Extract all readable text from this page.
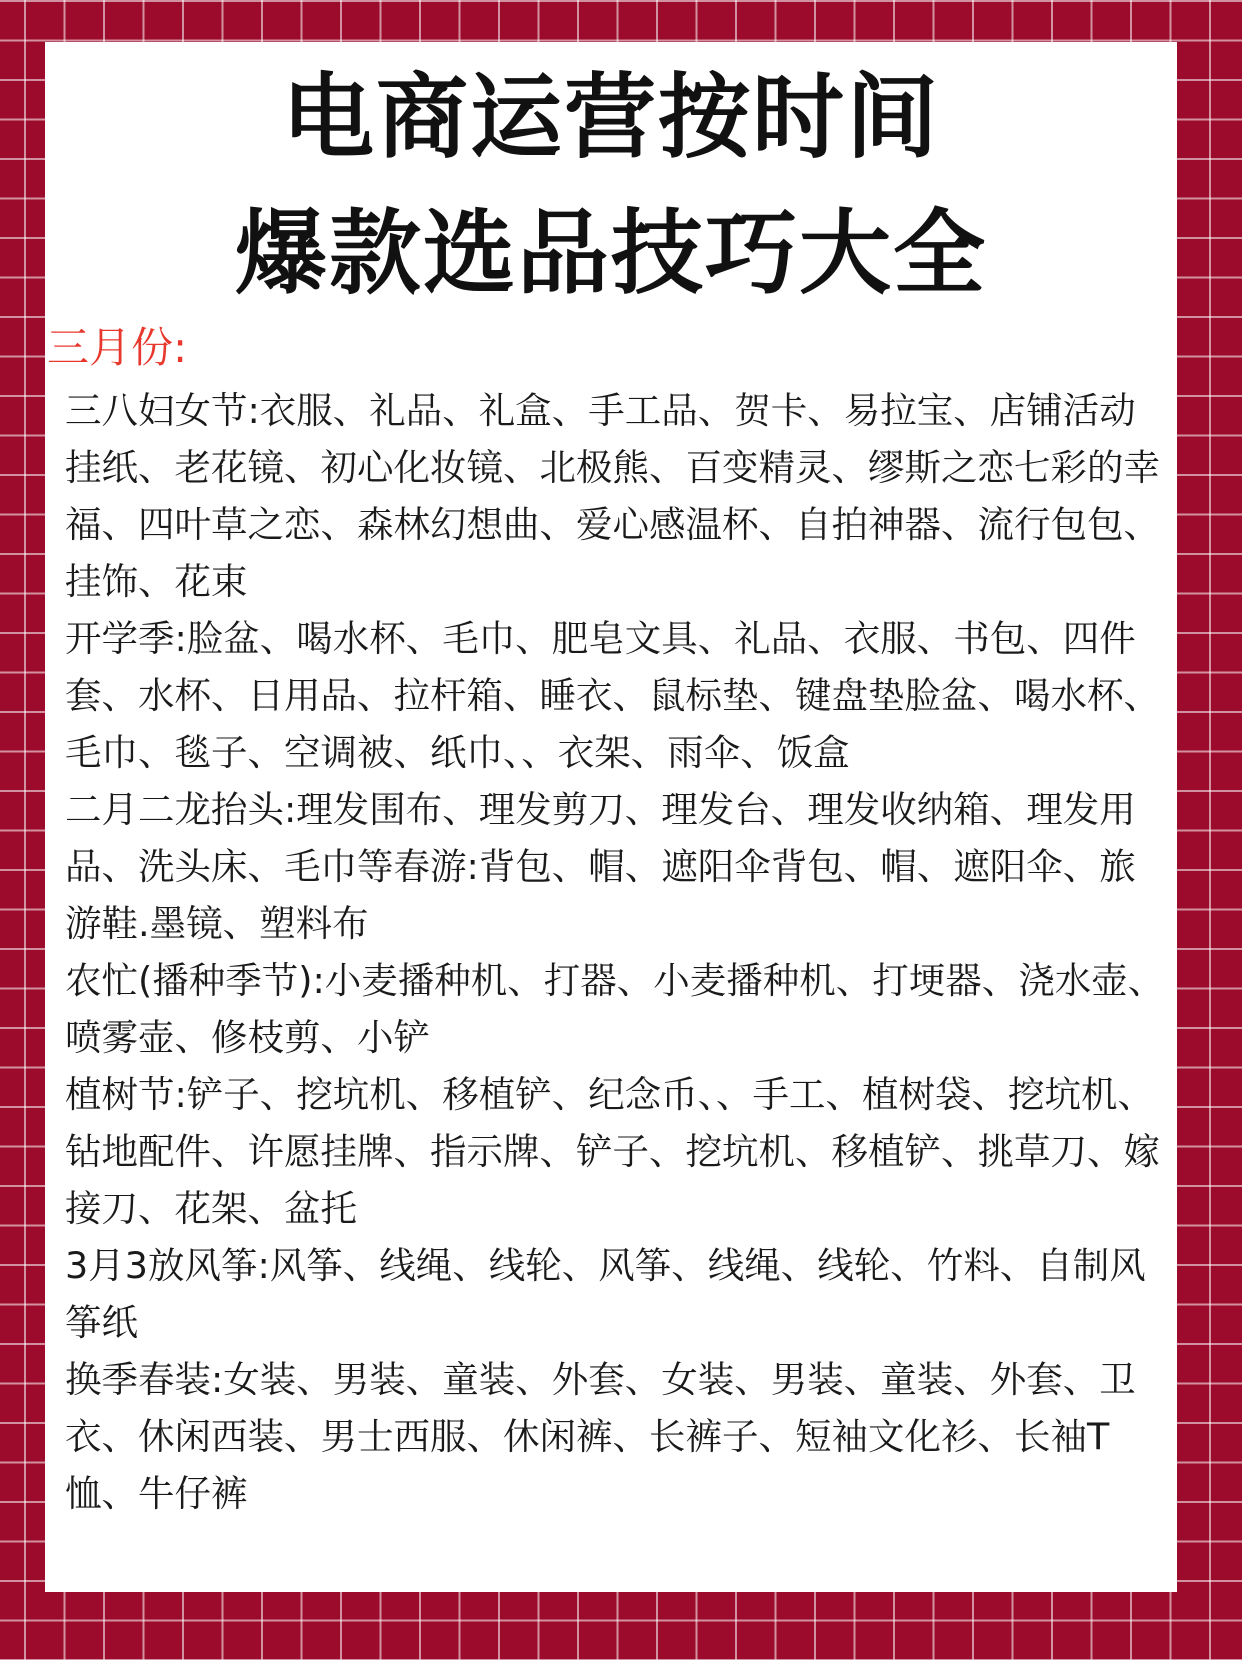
电商运营按时间
爆款选品技巧大全
三月份:
三八妇女节:衣服、礼品、礼盒、手工品、贺卡、易拉宝、店铺活动挂纸、老花镜、初心化妆镜、北极熊、百变精灵、缪斯之恋七彩的幸福、四叶草之恋、森林幻想曲、爱心感温杯、自拍神器、流行包包、挂饰、花束
开学季:脸盆、喝水杯、毛巾、肥皂文具、礼品、衣服、书包、四件套、水杯、日用品、拉杆箱、睡衣、鼠标垫、键盘垫脸盆、喝水杯、毛巾、毯子、空调被、纸巾、、衣架、雨伞、饭盒
二月二龙抬头:理发围布、理发剪刀、理发台、理发收纳箱、理发用品、洗头床、毛巾等春游:背包、帽、遮阳伞背包、帽、遮阳伞、旅游鞋.墨镜、塑料布
农忙(播种季节):小麦播种机、打器、小麦播种机、打埂器、浇水壶、喷雾壶、修枝剪、小铲
植树节:铲子、挖坑机、移植铲、纪念币、、手工、植树袋、挖坑机、钻地配件、许愿挂牌、指示牌、铲子、挖坑机、移植铲、挑草刀、嫁接刀、花架、盆托
3月3放风筝:风筝、线绳、线轮、风筝、线绳、线轮、竹料、自制风筝纸
换季春装:女装、男装、童装、外套、女装、男装、童装、外套、卫衣、休闲西装、男士西服、休闲裤、长裤子、短袖文化衫、长袖T恤、牛仔裤
